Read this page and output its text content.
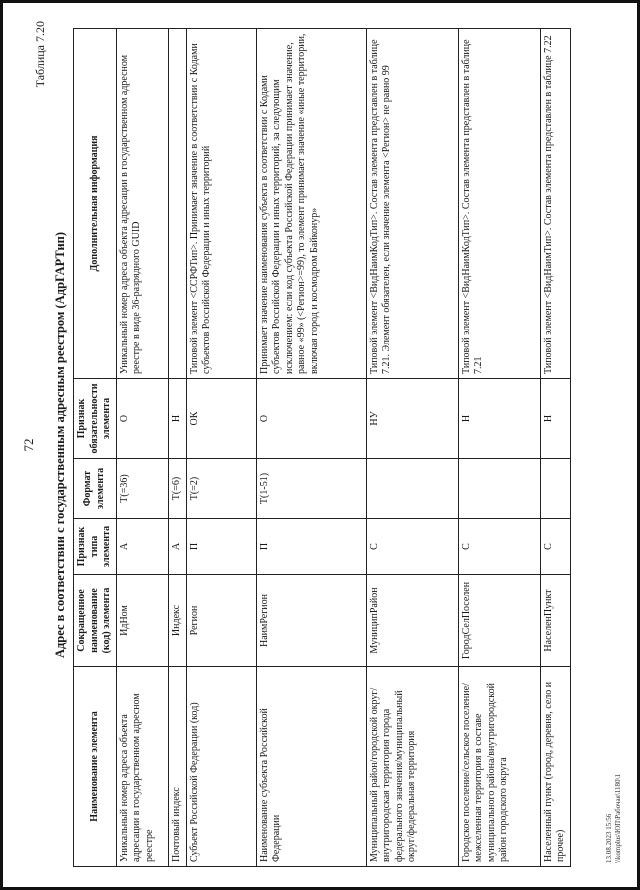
72
Таблица 7.20
Адрес в соответствии с государственным адресным реестром (АдрГАРТип)
Наименование элемента	Сокращенное наименование (код) элемента	Признак типа элемента	Формат элемента	Признак обязательности элемента	Дополнительная информация
Уникальный номер адреса объекта адресации в государственном адресном реестре	ИдНом	А	T(=36)	О	Уникальный номер адреса объекта адресации в государственном адресном реестре в виде 36-разрядного GUID
Почтовый индекс	Индекс	А	T(=6)	Н	
Субъект Российской Федерации (код)	Регион	П	T(=2)	ОК	Типовой элемент <ССРФТип>. Принимает значение в соответствии с Кодами субъектов Российской Федерации и иных территорий
Наименование субъекта Российской Федерации	НаимРегион	П	T(1-51)	О	Принимает значение наименования субъекта в соответствии с Кодами субъектов Российской Федерации и иных территорий, за следующим исключением: если код субъекта Российской Федерации принимает значение, равное «99» (<Регион>=99), то элемент принимает значение «иные территории, включая город и космодром Байконур»
Муниципальный район/городской округ/внутригородская территория города федерального значения/муниципальный округ/федеральная территория	МуниципРайон	С		НУ	Типовой элемент <ВидНаимКодТип>. Состав элемента представлен в таблице 7.21. Элемент обязателен, если значение элемента <Регион> не равно 99
Городское поселение/сельское поселение/межселенная территория в составе муниципального района/внутригородской район городского округа	ГородСелПоселен	С		Н	Типовой элемент <ВидНаимКодТип>. Состав элемента представлен в таблице 7.21
Населенный пункт (город, деревня, село и прочее)	НаселенПункт	С		Н	Типовой элемент <ВидНаимТип>. Состав элемента представлен в таблице 7.22
13.08.2023 15:56 \\komplus\ЮП\Рабочая\1180\1
